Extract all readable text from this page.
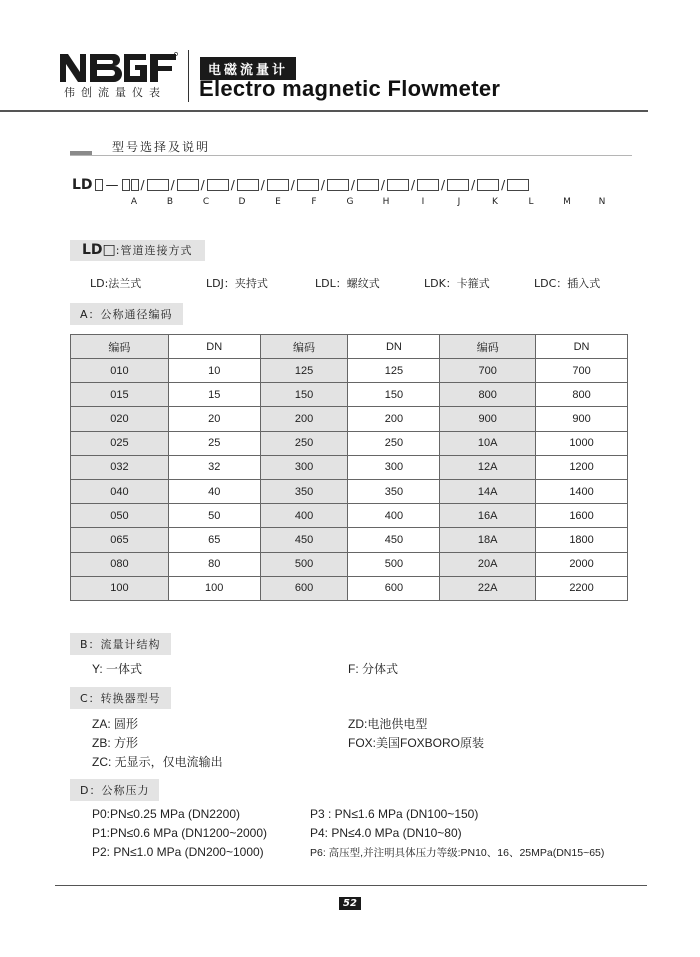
伟创流量仪表
电磁流量计
Electro magnetic Flowmeter
型号选择及说明
LD — / / / / / / / / / / / / /
A	B	C	D	E	F	G	H	I	J	K	L	M	N
LD□:管道连接方式
LD:法兰式	LDJ：夹持式	LDL：螺纹式	LDK：卡箍式	LDC：插入式
A：公称通径编码
编码	DN	编码	DN	编码	DN
010	10	125	125	700	700
015	15	150	150	800	800
020	20	200	200	900	900
025	25	250	250	10A	1000
032	32	300	300	12A	1200
040	40	350	350	14A	1400
050	50	400	400	16A	1600
065	65	450	450	18A	1800
080	80	500	500	20A	2000
100	100	600	600	22A	2200
B：流量计结构
Y: 一体式	F: 分体式
C：转换器型号
ZA: 圆形
ZB: 方形
ZC: 无显示，仅电流输出
ZD:电池供电型
FOX:美国FOXBORO原装
D：公称压力
P0:PN≤0.25 MPa (DN2200)
P1:PN≤0.6 MPa (DN1200~2000)
P2: PN≤1.0 MPa (DN200~1000)
P3 : PN≤1.6 MPa (DN100~150)
P4: PN≤4.0 MPa (DN10~80)
P6: 高压型,并注明具体压力等级:PN10、16、25MPa(DN15~65)
52
